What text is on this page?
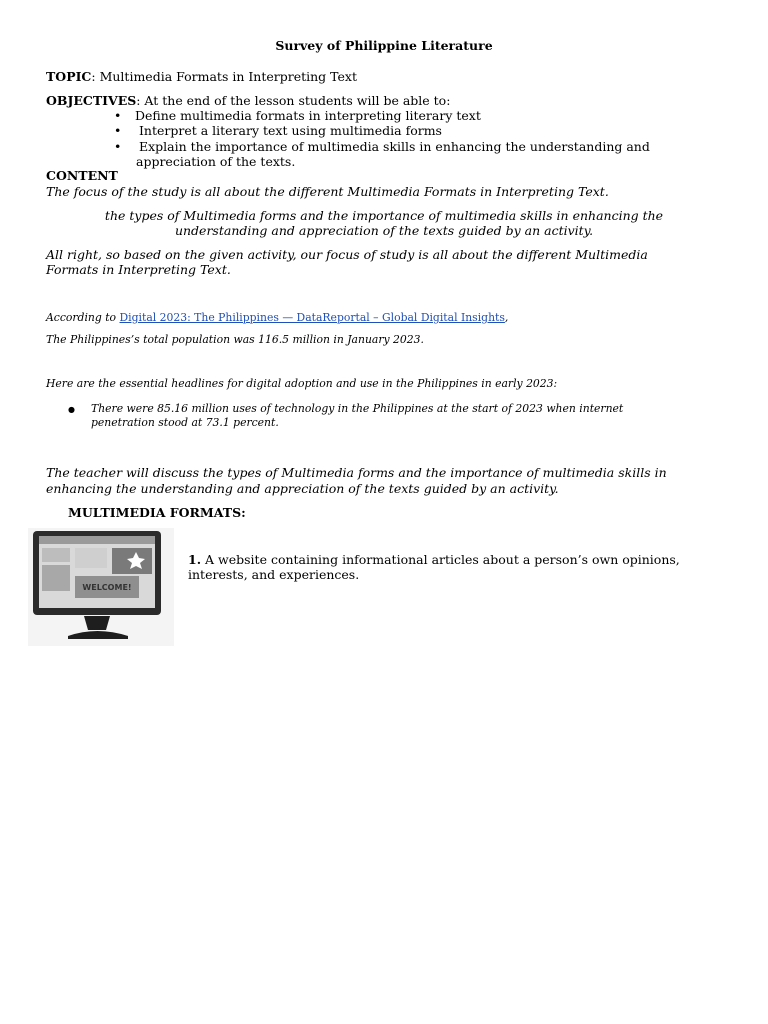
Survey of Philippine Literature
TOPIC: Multimedia Formats in Interpreting Text
OBJECTIVES: At the end of the lesson students will be able to:
• Define multimedia formats in interpreting literary text
• Interpret a literary text using multimedia forms
• Explain the importance of multimedia skills in enhancing the understanding and
appreciation of the texts.
CONTENT
The focus of the study is all about the different Multimedia Formats in Interpreting Text.
the types of Multimedia forms and the importance of multimedia skills in enhancing the
understanding and appreciation of the texts guided by an activity.
All right, so based on the given activity, our focus of study is all about the different Multimedia
Formats in Interpreting Text.
According to Digital 2023: The Philippines — DataReportal – Global Digital Insights,
The Philippines’s total population was 116.5 million in January 2023.
Here are the essential headlines for digital adoption and use in the Philippines in early 2023:
● There were 85.16 million uses of technology in the Philippines at the start of 2023 when internet
penetration stood at 73.1 percent.
The teacher will discuss the types of Multimedia forms and the importance of multimedia skills in
enhancing the understanding and appreciation of the texts guided by an activity.
MULTIMEDIA FORMATS:
WELCOME!
1. A website containing informational articles about a person’s own opinions,
interests, and experiences.
